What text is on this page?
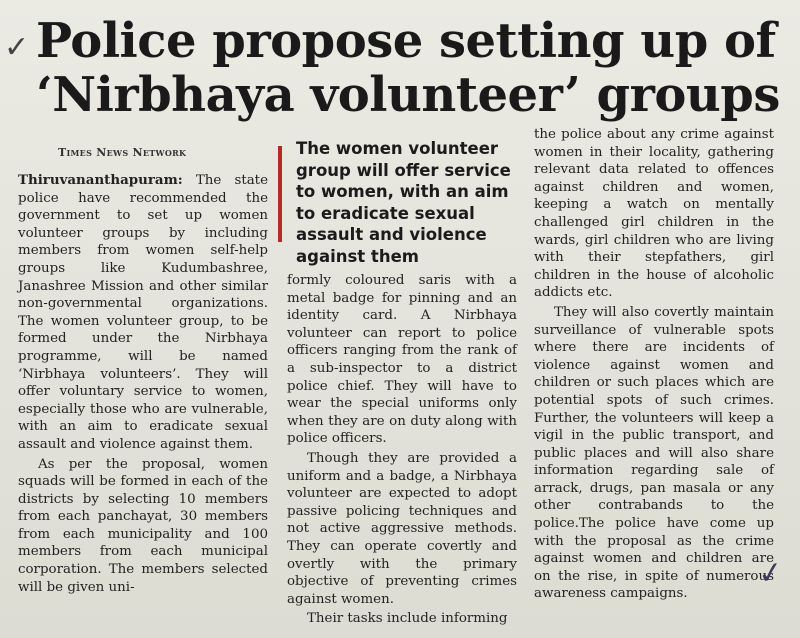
✓ Police propose setting up of
‘Nirbhaya volunteer’ groups
Times News Network

Thiruvananthapuram: The state police have recommended the government to set up women volunteer groups by including members from women self-help groups like Kudumbashree, Janashree Mission and other similar non-governmental organizations. The women volunteer group, to be formed under the Nirbhaya programme, will be named ‘Nirbhaya volunteers’. They will offer voluntary service to women, especially those who are vulnerable, with an aim to eradicate sexual assault and violence against them.

As per the proposal, women squads will be formed in each of the districts by selecting 10 members from each panchayat, 30 members from each municipality and 100 members from each municipal corporation. The members selected will be given uni-

The women volunteer group will offer service to women, with an aim to eradicate sexual assault and violence against them

formly coloured saris with a metal badge for pinning and an identity card. A Nirbhaya volunteer can report to police officers ranging from the rank of a sub-inspector to a district police chief. They will have to wear the special uniforms only when they are on duty along with police officers.

Though they are provided a uniform and a badge, a Nirbhaya volunteer are expected to adopt passive policing techniques and not active aggressive methods. They can operate covertly and overtly with the primary objective of preventing crimes against women.

Their tasks include informing

the police about any crime against women in their locality, gathering relevant data related to offences against children and women, keeping a watch on mentally challenged girl children in the wards, girl children who are living with their stepfathers, girl children in the house of alcoholic addicts etc.

They will also covertly maintain surveillance of vulnerable spots where there are incidents of violence against women and children or such places which are potential spots of such crimes. Further, the volunteers will keep a vigil in the public transport, and public places and will also share information regarding sale of arrack, drugs, pan masala or any other contrabands to the police.The police have come up with the proposal as the crime against women and children are on the rise, in spite of numerous awareness campaigns.

✓
